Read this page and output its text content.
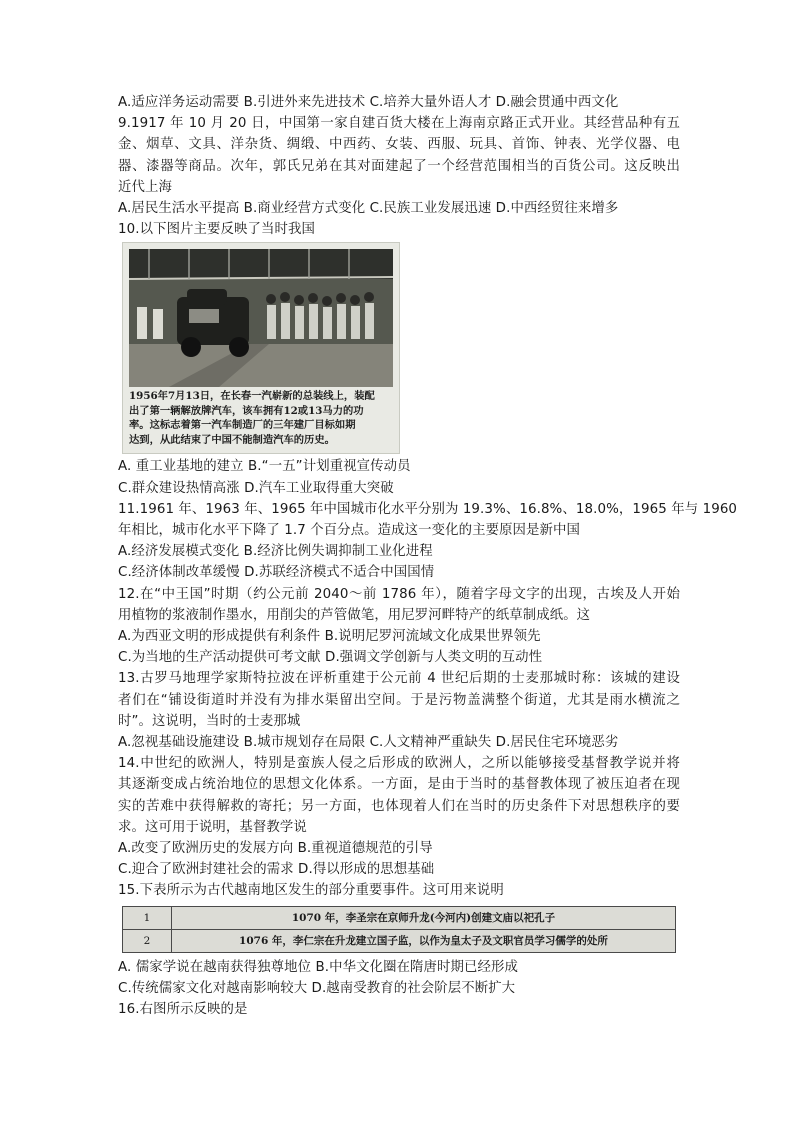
A.适应洋务运动需要 B.引进外来先进技术 C.培养大量外语人才 D.融会贯通中西文化
9.1917 年 10 月 20 日，中国第一家自建百货大楼在上海南京路正式开业。其经营品种有五
金、烟草、文具、洋杂货、绸缎、中西药、女装、西服、玩具、首饰、钟表、光学仪器、电
器、漆器等商品。次年，郭氏兄弟在其对面建起了一个经营范围相当的百货公司。这反映出
近代上海
A.居民生活水平提高 B.商业经营方式变化 C.民族工业发展迅速 D.中西经贸往来增多
10.以下图片主要反映了当时我国
1956年7月13日，在长春一汽崭新的总装线上，装配
出了第一辆解放牌汽车，该车拥有12或13马力的功
率。这标志着第一汽车制造厂的三年建厂目标如期
达到，从此结束了中国不能制造汽车的历史。
A. 重工业基地的建立 B.“一五”计划重视宣传动员
C.群众建设热情高涨 D.汽车工业取得重大突破
11.1961 年、1963 年、1965 年中国城市化水平分别为 19.3%、16.8%、18.0%，1965 年与 1960
年相比，城市化水平下降了 1.7 个百分点。造成这一变化的主要原因是新中国
A.经济发展模式变化 B.经济比例失调抑制工业化进程
C.经济体制改革缓慢 D.苏联经济模式不适合中国国情
12.在“中王国”时期（约公元前 2040～前 1786 年），随着字母文字的出现，古埃及人开始
用植物的浆液制作墨水，用削尖的芦管做笔，用尼罗河畔特产的纸草制成纸。这
A.为西亚文明的形成提供有利条件 B.说明尼罗河流域文化成果世界领先
C.为当地的生产活动提供可考文献 D.强调文学创新与人类文明的互动性
13.古罗马地理学家斯特拉波在评析重建于公元前 4 世纪后期的士麦那城时称：该城的建设
者们在“铺设街道时并没有为排水渠留出空间。于是污物盖满整个街道，尤其是雨水横流之
时”。这说明，当时的士麦那城
A.忽视基础设施建设 B.城市规划存在局限 C.人文精神严重缺失 D.居民住宅环境恶劣
14.中世纪的欧洲人，特别是蛮族人侵之后形成的欧洲人，之所以能够接受基督教学说并将
其逐渐变成占统治地位的思想文化体系。一方面，是由于当时的基督教体现了被压迫者在现
实的苦难中获得解救的寄托；另一方面，也体现着人们在当时的历史条件下对思想秩序的要
求。这可用于说明，基督教学说
A.改变了欧洲历史的发展方向 B.重视道德规范的引导
C.迎合了欧洲封建社会的需求 D.得以形成的思想基础
15.下表所示为古代越南地区发生的部分重要事件。这可用来说明
1	1070 年，李圣宗在京师升龙(今河内)创建文庙以祀孔子
2	1076 年，李仁宗在升龙建立国子监，以作为皇太子及文职官员学习儒学的处所
A. 儒家学说在越南获得独尊地位 B.中华文化圈在隋唐时期已经形成
C.传统儒家文化对越南影响较大 D.越南受教育的社会阶层不断扩大
16.右图所示反映的是
